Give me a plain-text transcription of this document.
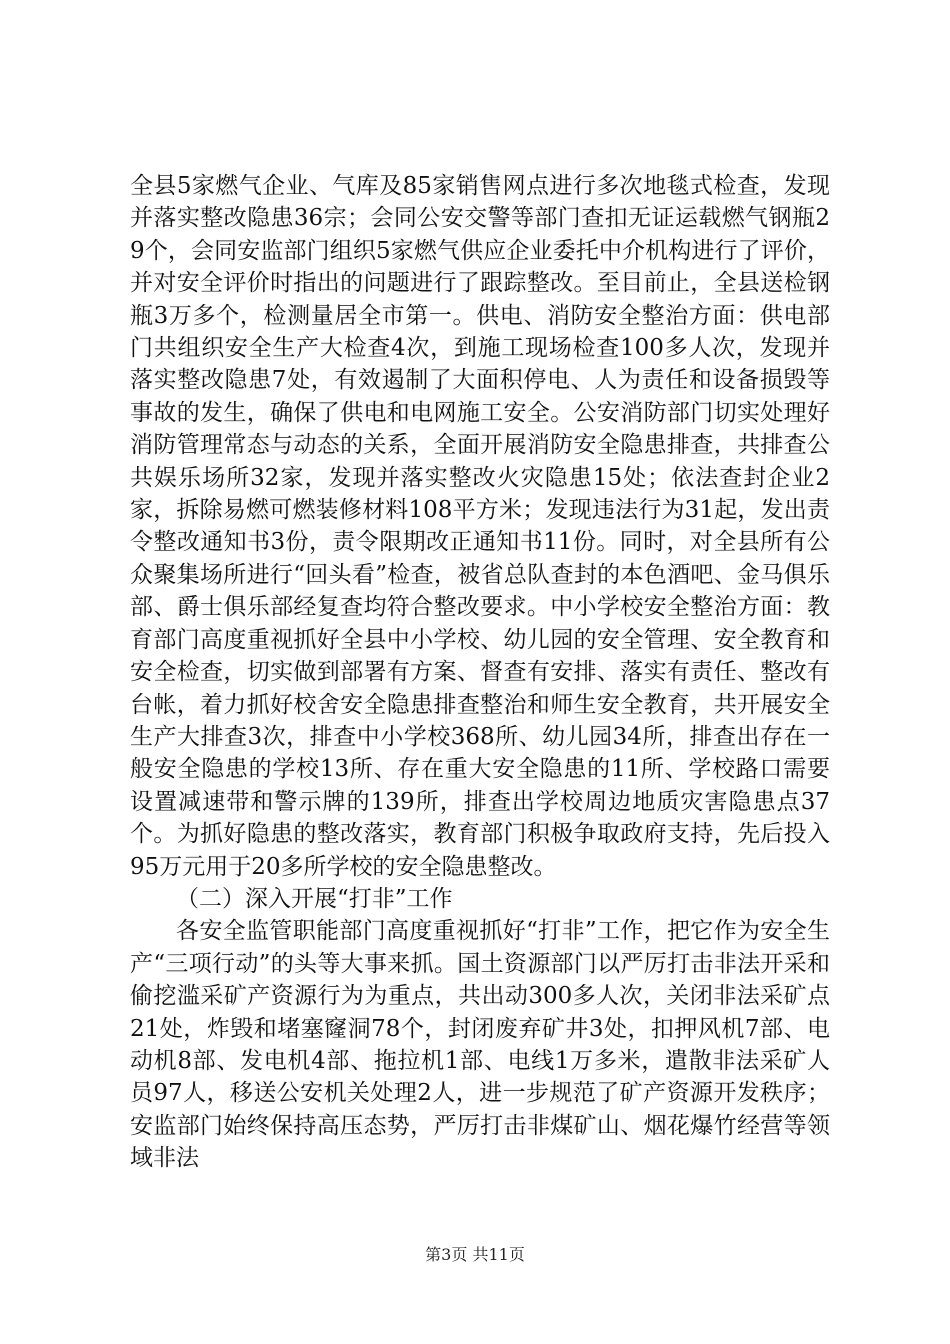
全县5家燃气企业、气库及85家销售网点进行多次地毯式检查，发现并落实整改隐患36宗；会同公安交警等部门查扣无证运载燃气钢瓶29个，会同安监部门组织5家燃气供应企业委托中介机构进行了评价，并对安全评价时指出的问题进行了跟踪整改。至目前止，全县送检钢瓶3万多个，检测量居全市第一。供电、消防安全整治方面：供电部门共组织安全生产大检查4次，到施工现场检查100多人次，发现并落实整改隐患7处，有效遏制了大面积停电、人为责任和设备损毁等事故的发生，确保了供电和电网施工安全。公安消防部门切实处理好消防管理常态与动态的关系，全面开展消防安全隐患排查，共排查公共娱乐场所32家，发现并落实整改火灾隐患15处；依法查封企业2家，拆除易燃可燃装修材料108平方米；发现违法行为31起，发出责令整改通知书3份，责令限期改正通知书11份。同时，对全县所有公众聚集场所进行“回头看”检查，被省总队查封的本色酒吧、金马俱乐部、爵士俱乐部经复查均符合整改要求。中小学校安全整治方面：教育部门高度重视抓好全县中小学校、幼儿园的安全管理、安全教育和安全检查，切实做到部署有方案、督查有安排、落实有责任、整改有台帐，着力抓好校舍安全隐患排查整治和师生安全教育，共开展安全生产大排查3次，排查中小学校368所、幼儿园34所，排查出存在一般安全隐患的学校13所、存在重大安全隐患的11所、学校路口需要设置减速带和警示牌的139所，排查出学校周边地质灾害隐患点37个。为抓好隐患的整改落实，教育部门积极争取政府支持，先后投入95万元用于20多所学校的安全隐患整改。

（二）深入开展“打非”工作

各安全监管职能部门高度重视抓好“打非”工作，把它作为安全生产“三项行动”的头等大事来抓。国土资源部门以严厉打击非法开采和偷挖滥采矿产资源行为为重点，共出动300多人次，关闭非法采矿点21处，炸毁和堵塞窿洞78个，封闭废弃矿井3处，扣押风机7部、电动机8部、发电机4部、拖拉机1部、电线1万多米，遣散非法采矿人员97人，移送公安机关处理2人，进一步规范了矿产资源开发秩序；安监部门始终保持高压态势，严厉打击非煤矿山、烟花爆竹经营等领域非法

第3页 共11页
